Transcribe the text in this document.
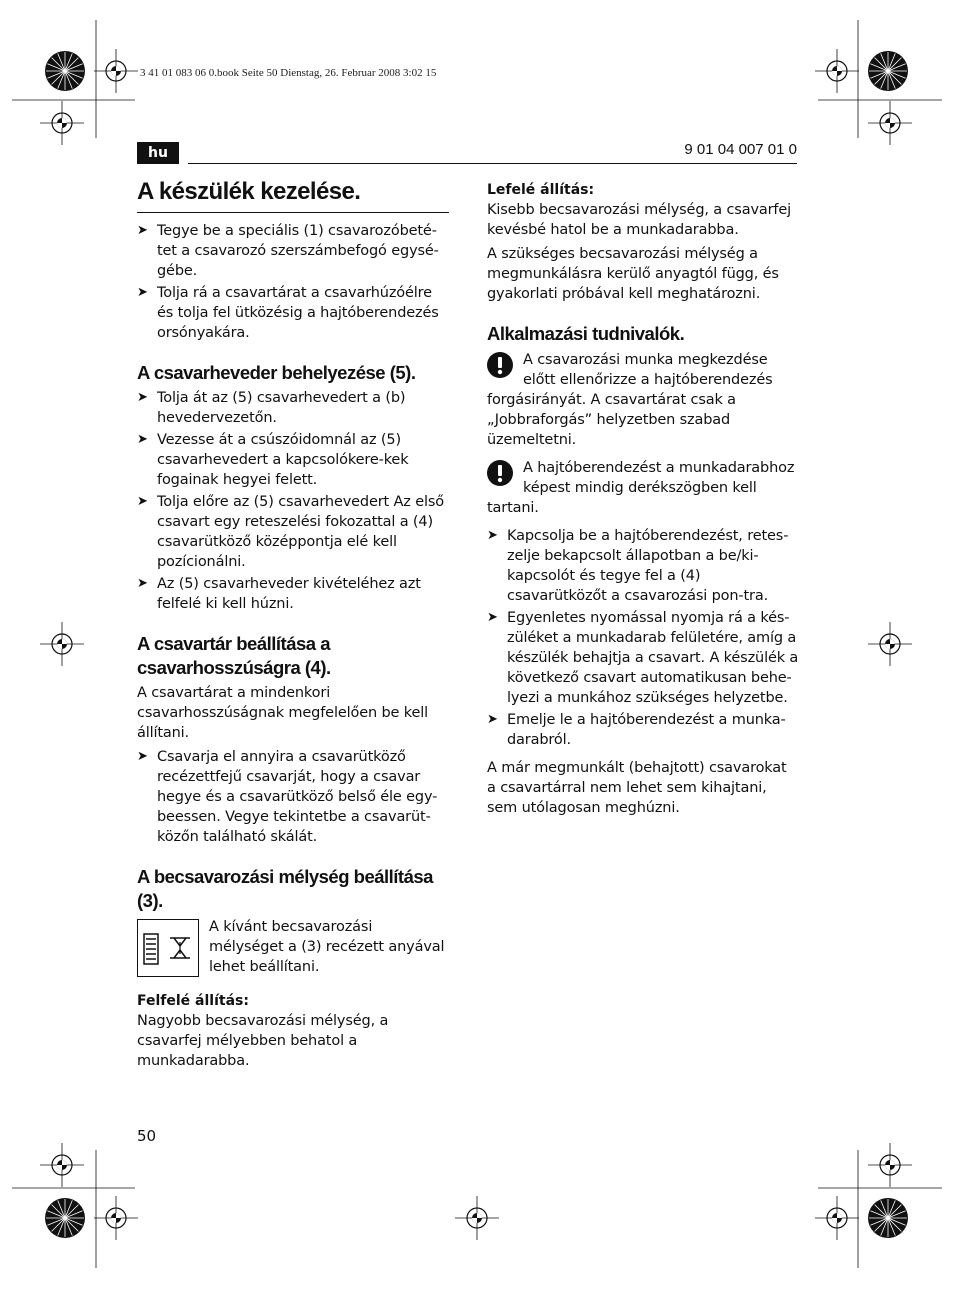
3 41 01 083 06 0.book Seite 50 Dienstag, 26. Februar 2008 3:02 15
hu	9 01 04 007 01 0
A készülék kezelése.
➤ Tegye be a speciális (1) csavarozóbeté-tet a csavarozó szerszámbefogó egysé-gébe.
➤ Tolja rá a csavartárat a csavarhúzóélre és tolja fel ütközésig a hajtóberendezés orsónyakára.
A csavarheveder behelyezése (5).
➤ Tolja át az (5) csavarhevedert a (b) hevedervezetőn.
➤ Vezesse át a csúszóidomnál az (5) csavarhevedert a kapcsolókere-kek fogainak hegyei felett.
➤ Tolja előre az (5) csavarhevedert Az első csavart egy reteszelési fokozattal a (4) csavarütköző középpontja elé kell pozícionálni.
➤ Az (5) csavarheveder kivételéhez azt felfelé ki kell húzni.
A csavartár beállítása a csavarhosszúságra (4).
A csavartárat a mindenkori csavarhosszúságnak megfelelően be kell állítani.
➤ Csavarja el annyira a csavarütköző recézettfejű csavarját, hogy a csavar hegye és a csavarütköző belső éle egy-beessen. Vegye tekintetbe a csavarüt-közőn található skálát.
A becsavarozási mélység beállítása (3).
A kívánt becsavarozási mélységet a (3) recézett anyával lehet beállítani.
Felfelé állítás:
Nagyobb becsavarozási mélység, a csavarfej mélyebben behatol a munkadarabba.
Lefelé állítás:
Kisebb becsavarozási mélység, a csavarfej kevésbé hatol be a munkadarabba.
A szükséges becsavarozási mélység a megmunkálásra kerülő anyagtól függ, és gyakorlati próbával kell meghatározni.
Alkalmazási tudnivalók.
A csavarozási munka megkezdése előtt ellenőrizze a hajtóberendezés forgásirányát. A csavartárat csak a „Jobbraforgás” helyzetben szabad üzemeltetni.
A hajtóberendezést a munkadarabhoz képest mindig derékszögben kell tartani.
➤ Kapcsolja be a hajtóberendezést, retes-zelje bekapcsolt állapotban a be/ki-kapcsolót és tegye fel a (4) csavarütközőt a csavarozási pon-tra.
➤ Egyenletes nyomással nyomja rá a kés-züléket a munkadarab felületére, amíg a készülék behajtja a csavart. A készülék a következő csavart automatikusan behe-lyezi a munkához szükséges helyzetbe.
➤ Emelje le a hajtóberendezést a munka-darabról.
A már megmunkált (behajtott) csavarokat a csavartárral nem lehet sem kihajtani, sem utólagosan meghúzni.
50
